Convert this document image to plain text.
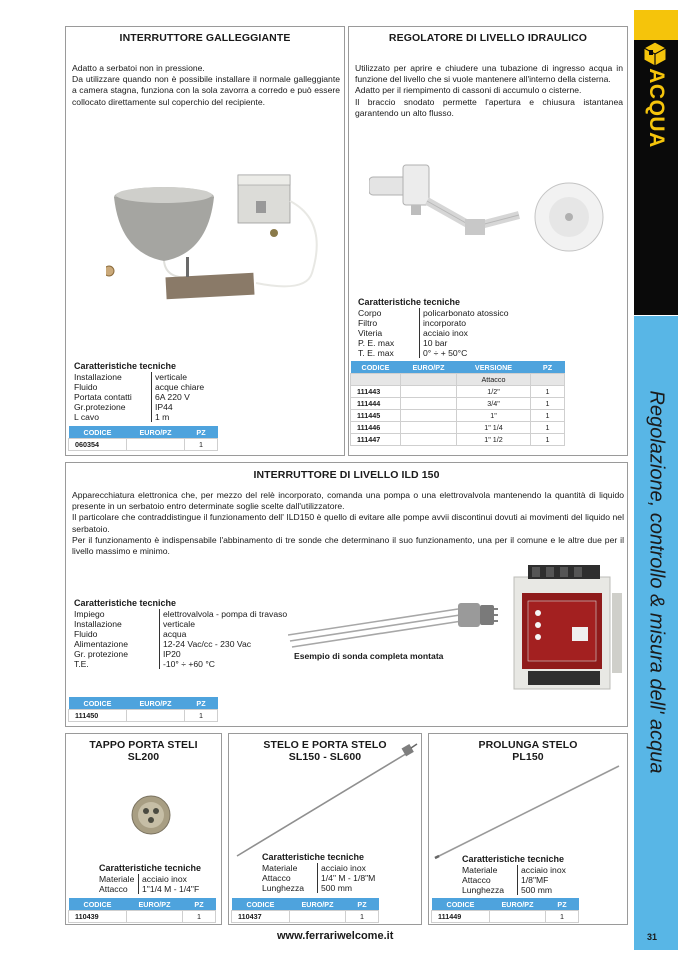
ACQUA
Regolazione, controllo & misura dell' acqua
INTERRUTTORE GALLEGGIANTE
Adatto a serbatoi non in pressione.
Da utilizzare quando non è possibile installare il normale galleggiante a camera stagna, funziona con la sola zavorra a corredo e può essere collocato direttamente sul coperchio del recipiente.
Caratteristiche tecniche
Installazione	verticale
Fluido	acque chiare
Portata contatti	6A 220 V
Gr.protezione	IP44
L cavo	1 m
CODICE	EURO/PZ	PZ
060354		1
REGOLATORE DI LIVELLO IDRAULICO
Utilizzato per aprire e chiudere una tubazione di ingresso acqua in funzione del livello che si vuole mantenere all'interno della cisterna.
Adatto per il riempimento di cassoni di accumulo o cisterne.
Il braccio snodato permette l'apertura e chiusura istantanea garantendo un alto flusso.
Caratteristiche tecniche
Corpo	policarbonato atossico
Filtro	incorporato
Viteria	acciaio inox
P. E. max	10 bar
T. E. max	0° ÷ + 50°C
CODICE	EURO/PZ	VERSIONE	PZ
		Attacco	
111443		1/2"	1
111444		3/4"	1
111445		1"	1
111446		1" 1/4	1
111447		1" 1/2	1
INTERRUTTORE DI LIVELLO ILD 150
Apparecchiatura elettronica che, per mezzo del relè incorporato, comanda una pompa o una elettrovalvola mantenendo la quantità di liquido presente in un serbatoio entro determinate soglie scelte dall'utilizzatore.
Il particolare che contraddistingue il funzionamento dell' ILD150 è quello di evitare alle pompe avvii discontinui dovuti ai movimenti del liquido nel serbatoio.
Per il funzionamento è indispensabile l'abbinamento di tre sonde che determinano il suo funzionamento, una per il comune e le altre due per il livello massimo e minimo.
Caratteristiche tecniche
Impiego	elettrovalvola - pompa di travaso
Installazione	verticale
Fluido	acqua
Alimentazione	12-24 Vac/cc - 230 Vac
Gr. protezione	IP20
T.E.	-10° ÷ +60 °C
Esempio di sonda completa montata
CODICE	EURO/PZ	PZ
111450		1
TAPPO PORTA STELI
SL200
Caratteristiche tecniche
Materiale acciaio inox
Attacco	1"1/4 M - 1/4"F
CODICE	EURO/PZ	PZ
110439		1
STELO E PORTA STELO
SL150 - SL600
Caratteristiche tecniche
Materiale	acciaio inox
Attacco	1/4" M - 1/8"M
Lunghezza	500 mm
CODICE	EURO/PZ	PZ
110437		1
PROLUNGA STELO
PL150
Caratteristiche tecniche
Materiale	acciaio inox
Attacco	1/8"MF
Lunghezza	500 mm
CODICE	EURO/PZ	PZ
111449		1
www.ferrariwelcome.it	31
